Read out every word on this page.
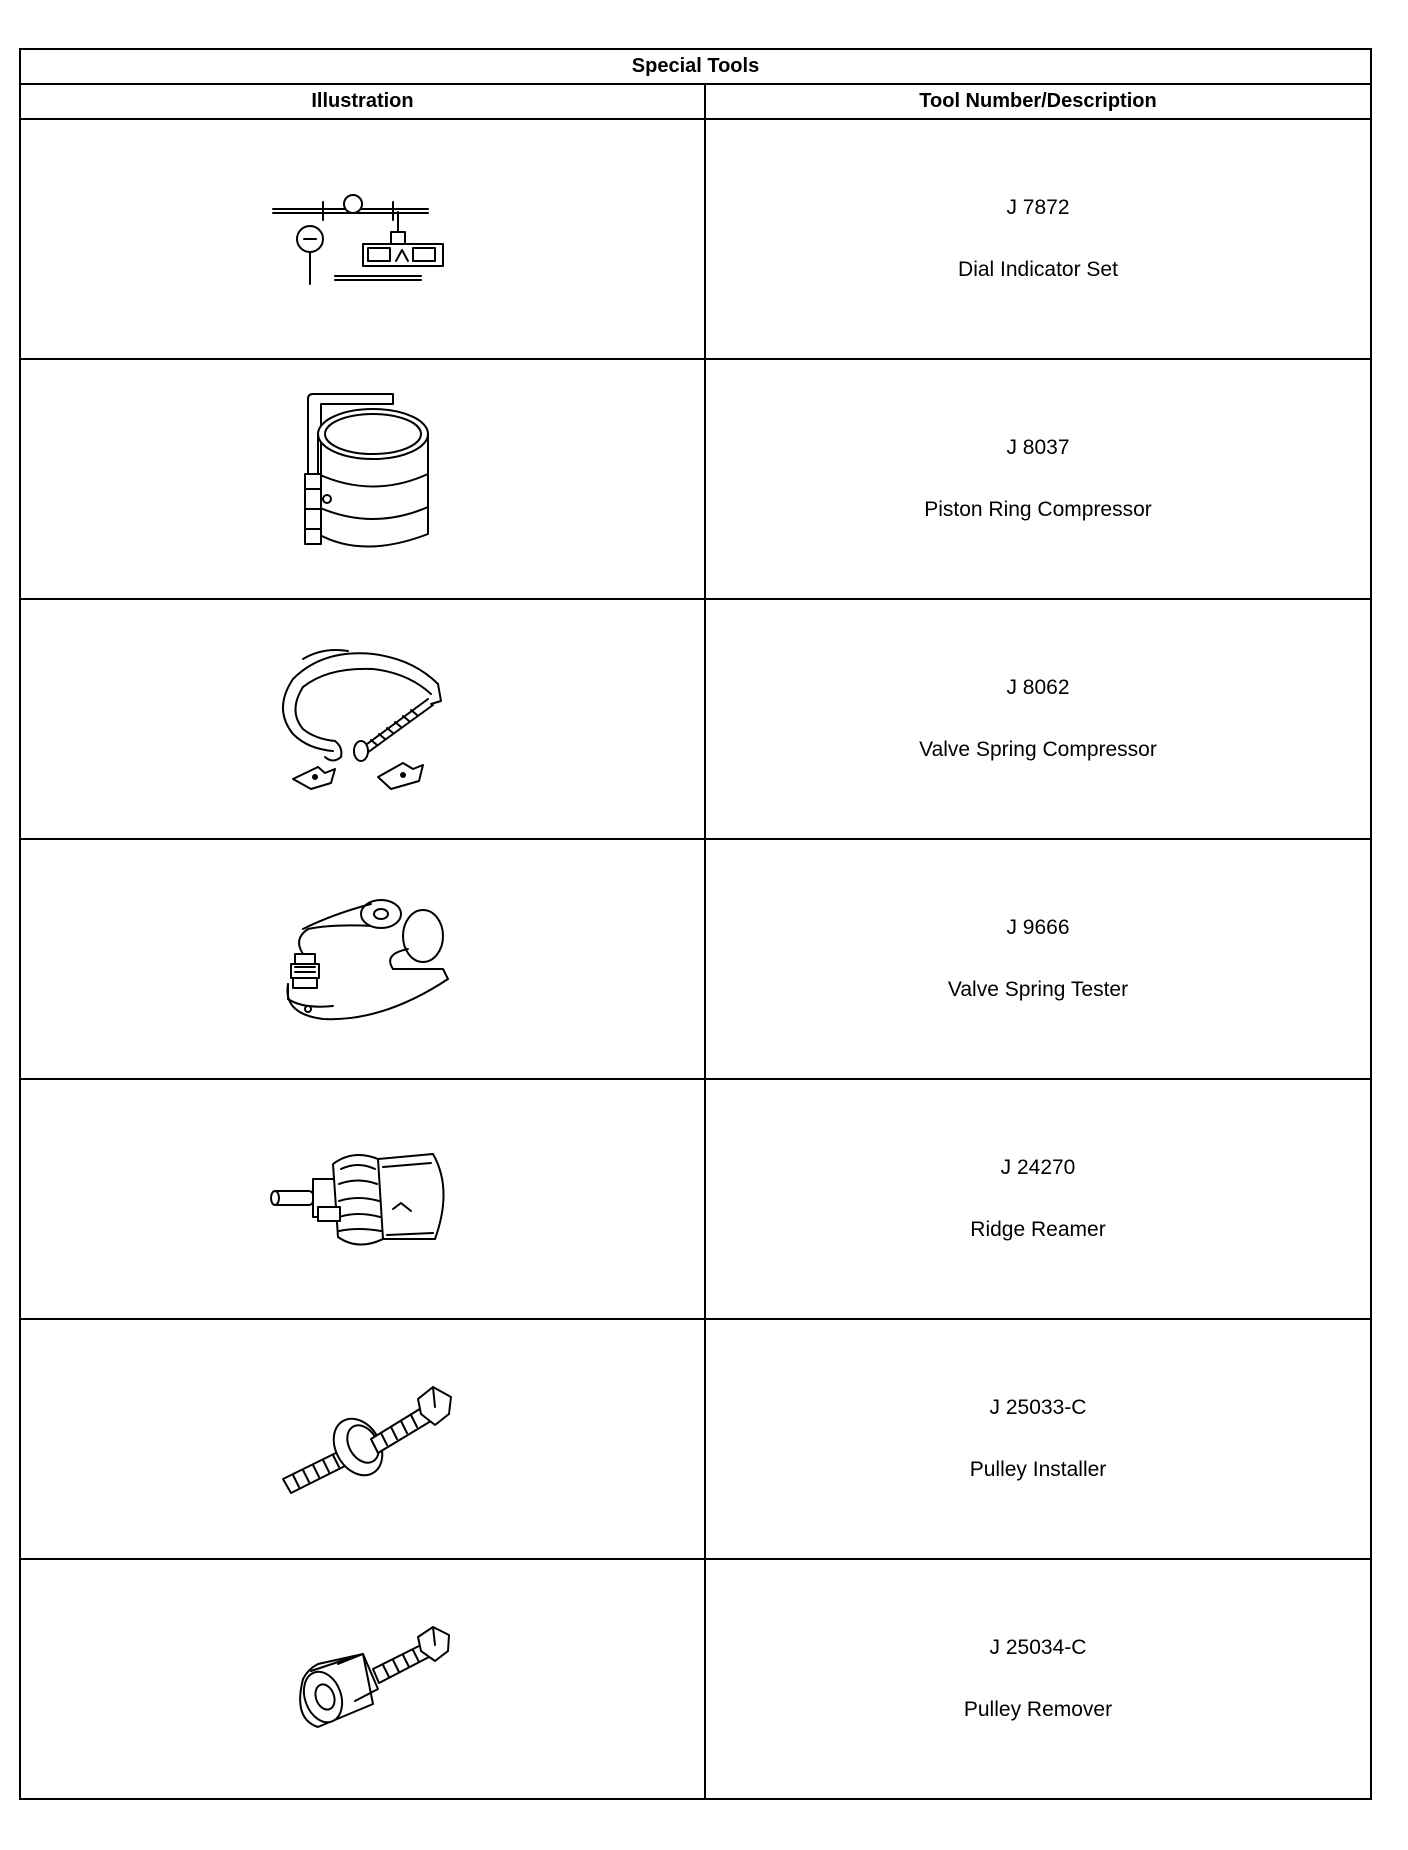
Special Tools	
Illustration	Tool Number/Description

J 7872
Dial Indicator Set

J 8037
Piston Ring Compressor

J 8062
Valve Spring Compressor

J 9666
Valve Spring Tester

J 24270
Ridge Reamer

J 25033-C
Pulley Installer

J 25034-C
Pulley Remover
